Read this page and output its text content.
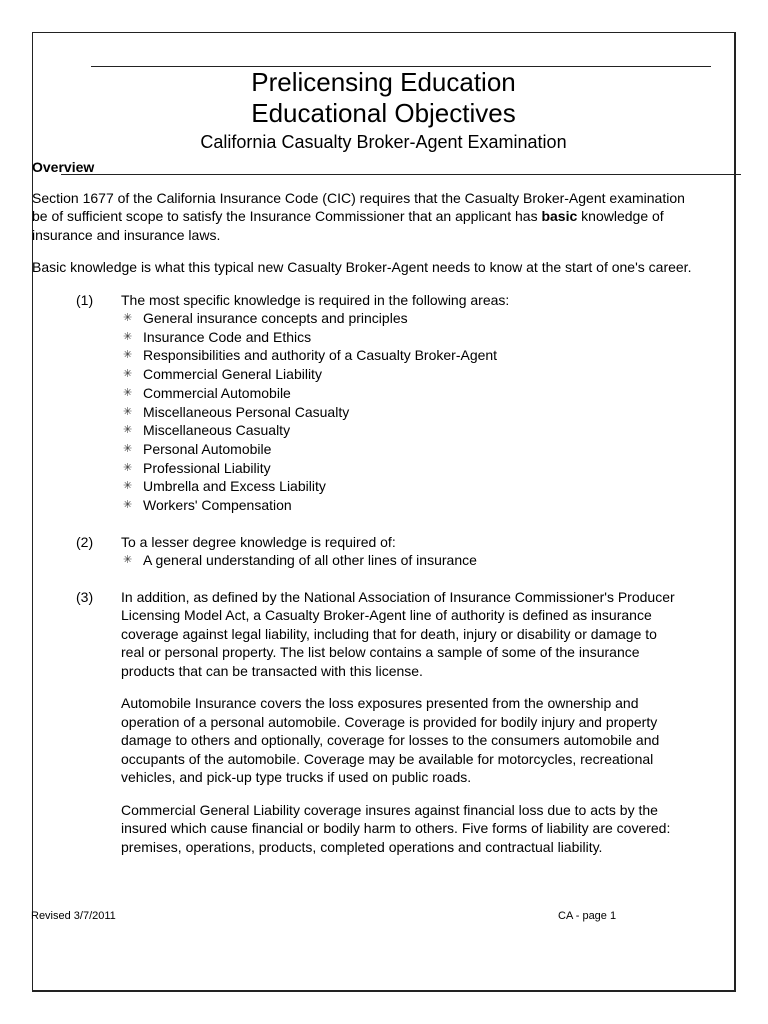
Prelicensing Education
Educational Objectives
California Casualty Broker-Agent Examination
Overview

Section 1677 of the California Insurance Code (CIC) requires that the Casualty Broker-Agent examination be of sufficient scope to satisfy the Insurance Commissioner that an applicant has basic knowledge of insurance and insurance laws.

Basic knowledge is what this typical new Casualty Broker-Agent needs to know at the start of one's career.

(1)	The most specific knowledge is required in the following areas:
✳ General insurance concepts and principles
✳ Insurance Code and Ethics
✳ Responsibilities and authority of a Casualty Broker-Agent
✳ Commercial General Liability
✳ Commercial Automobile
✳ Miscellaneous Personal Casualty
✳ Miscellaneous Casualty
✳ Personal Automobile
✳ Professional Liability
✳ Umbrella and Excess Liability
✳ Workers' Compensation
(2)	To a lesser degree knowledge is required of:
✳ A general understanding of all other lines of insurance
(3)	In addition, as defined by the National Association of Insurance Commissioner's Producer Licensing Model Act, a Casualty Broker-Agent line of authority is defined as insurance coverage against legal liability, including that for death, injury or disability or damage to real or personal property. The list below contains a sample of some of the insurance products that can be transacted with this license.

Automobile Insurance covers the loss exposures presented from the ownership and operation of a personal automobile. Coverage is provided for bodily injury and property damage to others and optionally, coverage for losses to the consumers automobile and occupants of the automobile. Coverage may be available for motorcycles, recreational vehicles, and pick-up type trucks if used on public roads.

Commercial General Liability coverage insures against financial loss due to acts by the insured which cause financial or bodily harm to others. Five forms of liability are covered: premises, operations, products, completed operations and contractual liability.

Revised 3/7/2011	CA - page 1
